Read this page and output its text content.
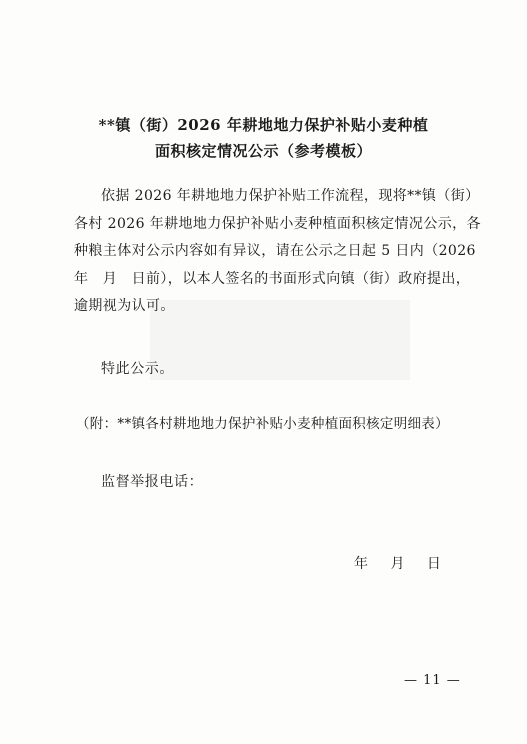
**镇（街）2026 年耕地地力保护补贴小麦种植
面积核定情况公示（参考模板）
依据 2026 年耕地地力保护补贴工作流程，现将**镇（街）
各村 2026 年耕地地力保护补贴小麦种植面积核定情况公示，各
种粮主体对公示内容如有异议，请在公示之日起 5 日内（2026
年　月　日前），以本人签名的书面形式向镇（街）政府提出，
逾期视为认可。
特此公示。
（附：**镇各村耕地地力保护补贴小麦种植面积核定明细表）
监督举报电话：
年 月 日
— 11 —
